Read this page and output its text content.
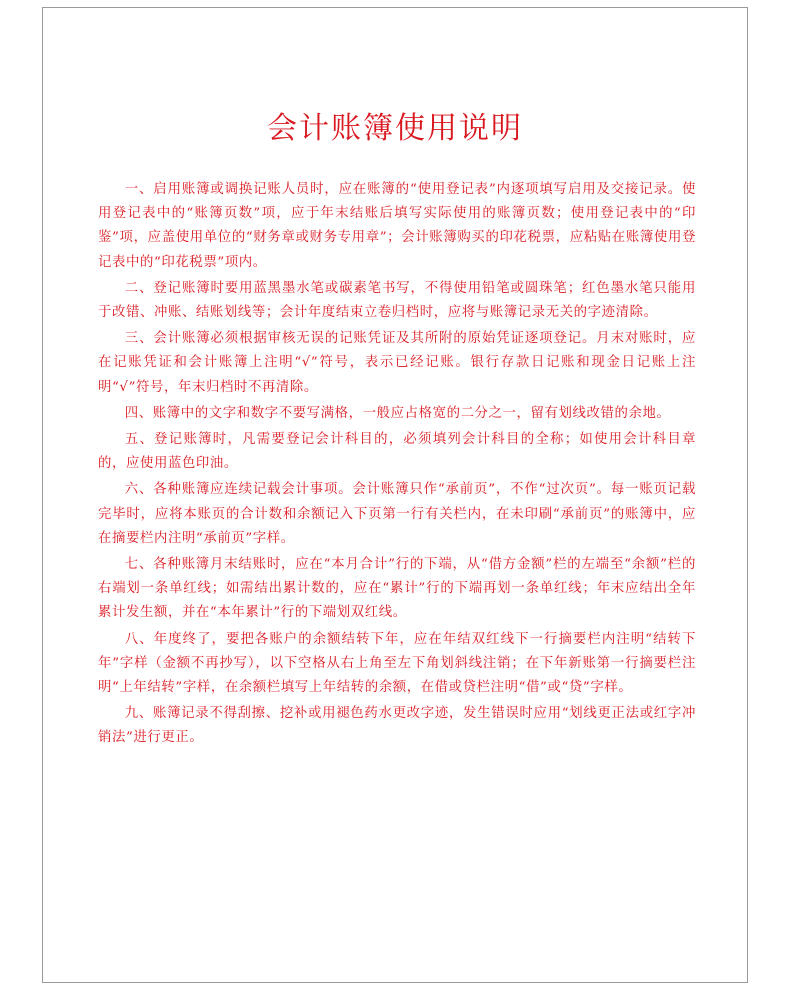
会计账簿使用说明

一、启用账簿或调换记账人员时，应在账簿的“使用登记表”内逐项填写启用及交接记录。使用登记表中的“账簿页数”项，应于年末结账后填写实际使用的账簿页数；使用登记表中的“印鉴”项，应盖使用单位的“财务章或财务专用章”；会计账簿购买的印花税票，应粘贴在账簿使用登记表中的“印花税票”项内。

二、登记账簿时要用蓝黑墨水笔或碳素笔书写，不得使用铅笔或圆珠笔；红色墨水笔只能用于改错、冲账、结账划线等；会计年度结束立卷归档时，应将与账簿记录无关的字迹清除。

三、会计账簿必须根据审核无误的记账凭证及其所附的原始凭证逐项登记。月末对账时，应在记账凭证和会计账簿上注明“√”符号，表示已经记账。银行存款日记账和现金日记账上注明“√”符号，年末归档时不再清除。

四、账簿中的文字和数字不要写满格，一般应占格宽的二分之一，留有划线改错的余地。

五、登记账簿时，凡需要登记会计科目的，必须填列会计科目的全称；如使用会计科目章的，应使用蓝色印油。

六、各种账簿应连续记载会计事项。会计账簿只作“承前页”，不作“过次页”。每一账页记载完毕时，应将本账页的合计数和余额记入下页第一行有关栏内，在未印刷“承前页”的账簿中，应在摘要栏内注明“承前页”字样。

七、各种账簿月末结账时，应在“本月合计”行的下端，从“借方金额”栏的左端至“余额”栏的右端划一条单红线；如需结出累计数的，应在“累计”行的下端再划一条单红线；年末应结出全年累计发生额，并在“本年累计”行的下端划双红线。

八、年度终了，要把各账户的余额结转下年，应在年结双红线下一行摘要栏内注明“结转下年”字样（金额不再抄写），以下空格从右上角至左下角划斜线注销；在下年新账第一行摘要栏注明“上年结转”字样，在余额栏填写上年结转的余额，在借或贷栏注明“借”或“贷”字样。

九、账簿记录不得刮擦、挖补或用褪色药水更改字迹，发生错误时应用“划线更正法或红字冲销法”进行更正。
